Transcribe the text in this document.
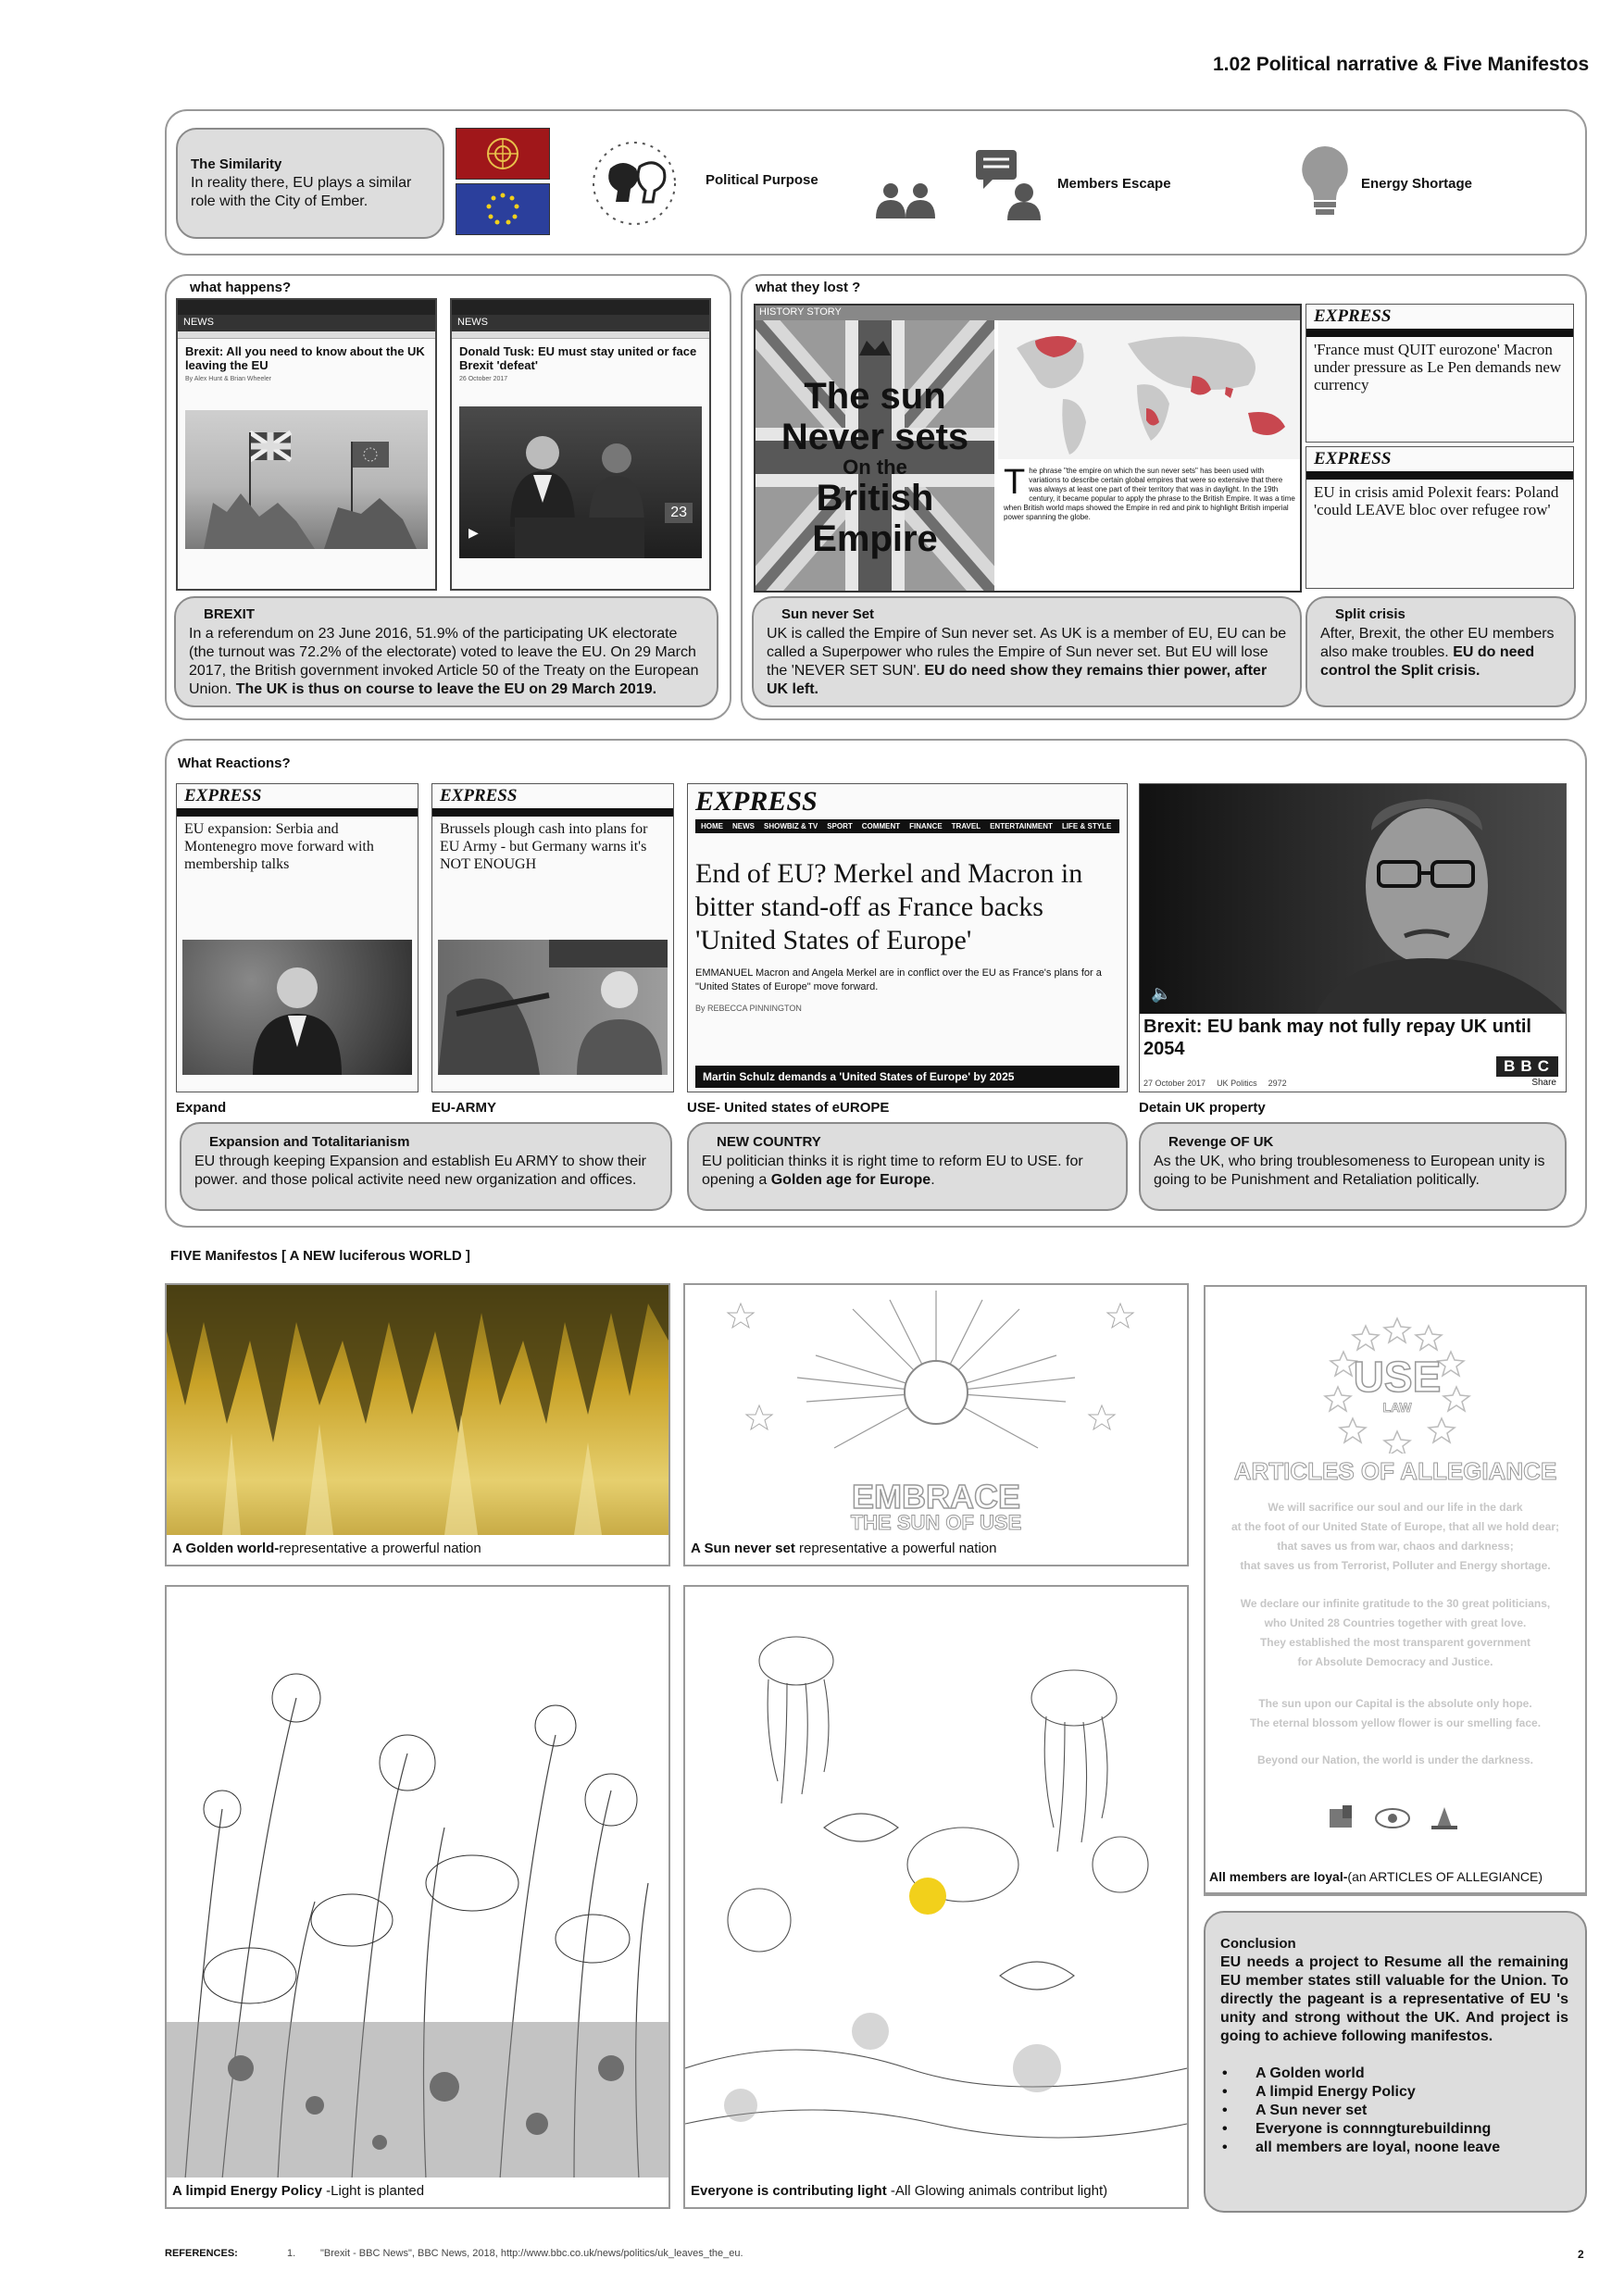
1.02 Political narrative & Five Manifestos
The Similarity
In reality there, EU plays a similar role with the City of Ember.
Political Purpose	Members Escape	Energy Shortage
what happens?
NEWS
Brexit: All you need to know about the UK leaving the EU
By Alex Hunt & Brian Wheeler
NEWS
Donald Tusk: EU must stay united or face Brexit 'defeat'
26 October 2017
▶
23
BREXIT
In a referendum on 23 June 2016, 51.9% of the participating UK electorate (the turnout was 72.2% of the electorate) voted to leave the EU. On 29 March 2017, the British government invoked Article 50 of the Treaty on the European Union. The UK is thus on course to leave the EU on 29 March 2019.
what they lost ?
HISTORY STORY
The sun
Never sets
On the
British
Empire
The phrase "the empire on which the sun never sets" has been used with variations to describe certain global empires that were so extensive that there was always at least one part of their territory that was in daylight. In the 19th century, it became popular to apply the phrase to the British Empire. It was a time when British world maps showed the Empire in red and pink to highlight British imperial power spanning the globe.
EXPRESS
'France must QUIT eurozone' Macron under pressure as Le Pen demands new currency
EXPRESS
EU in crisis amid Polexit fears: Poland 'could LEAVE bloc over refugee row'
Sun never Set
UK is called the Empire of Sun never set. As UK is a member of EU, EU can be called a Superpower who rules the Empire of Sun never set. But EU will lose the 'NEVER SET SUN'. EU do need show they remains thier power, after UK left.
Split crisis
After, Brexit, the other EU members also make troubles. EU do need control the Split crisis.
What Reactions?
EXPRESS
EU expansion: Serbia and Montenegro move forward with membership talks
EXPRESS
Brussels plough cash into plans for EU Army - but Germany warns it's NOT ENOUGH
EXPRESS
HOME NEWS SHOWBIZ & TV SPORT COMMENT FINANCE TRAVEL ENTERTAINMENT LIFE & STYLE
End of EU? Merkel and Macron in bitter stand-off as France backs 'United States of Europe'
EMMANUEL Macron and Angela Merkel are in conflict over the EU as France's plans for a "United States of Europe" move forward.
By REBECCA PINNINGTON
Martin Schulz demands a 'United States of Europe' by 2025
🔈
Brexit: EU bank may not fully repay UK until 2054
BBC
27 October 2017 UK Politics 2972	Share
Expand	EU-ARMY	USE- United states of eUROPE	Detain UK property
Expansion and Totalitarianism
EU through keeping Expansion and establish Eu ARMY to show their power. and those polical activite need new organization and offices.
NEW COUNTRY
EU politician thinks it is right time to reform EU to USE. for opening a Golden age for Europe.
Revenge OF UK
As the UK, who bring troublesomeness to European unity is going to be Punishment and Retaliation politically.
FIVE Manifestos [ A NEW luciferous WORLD ]
A Golden world-representative a prowerful nation
EMBRACE
THE SUN OF USE
A Sun never set representative a powerful nation
USE
LAW
ARTICLES OF ALLEGIANCE
We will sacrifice our soul and our life in the dark
at the foot of our United State of Europe, that all we hold dear;
that saves us from war, chaos and darkness;
that saves us from Terrorist, Polluter and Energy shortage.
We declare our infinite gratitude to the 30 great politicians,
who United 28 Countries together with great love.
They established the most transparent government
for Absolute Democracy and Justice.
The sun upon our Capital is the absolute only hope.
The eternal blossom yellow flower is our smelling face.
Beyond our Nation, the world is under the darkness.
All members are loyal-(an ARTICLES OF ALLEGIANCE)
A limpid Energy Policy -Light is planted	Everyone is contributing light -All Glowing animals contribut light)
Conclusion
EU needs a project to Resume all the remaining EU member states still valuable for the Union. To directly the pageant is a representative of EU 's unity and strong without the UK. And project is going to achieve following manifestos.
• A Golden world
• A limpid Energy Policy
• A Sun never set
• Everyone is connngturebuildinng
• all members are loyal, noone leave
REFERENCES:	1. "Brexit - BBC News", BBC News, 2018, http://www.bbc.co.uk/news/politics/uk_leaves_the_eu.	2
